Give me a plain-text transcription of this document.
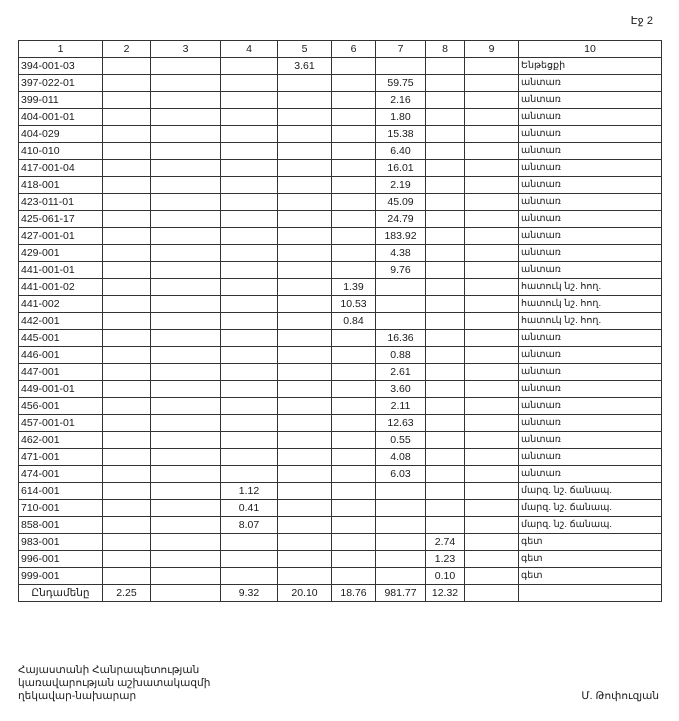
Էջ 2
1	2	3	4	5	6	7	8	9	10
394-001-03				3.61					Ենթեցքի
397-022-01						59.75			անտառ
399-011						2.16			անտառ
404-001-01						1.80			անտառ
404-029						15.38			անտառ
410-010						6.40			անտառ
417-001-04						16.01			անտառ
418-001						2.19			անտառ
423-011-01						45.09			անտառ
425-061-17						24.79			անտառ
427-001-01						183.92			անտառ
429-001						4.38			անտառ
441-001-01						9.76			անտառ
441-001-02					1.39				հատուկ նշ. հող.
441-002					10.53				հատուկ նշ. հող.
442-001					0.84				հատուկ նշ. հող.
445-001						16.36			անտառ
446-001						0.88			անտառ
447-001						2.61			անտառ
449-001-01						3.60			անտառ
456-001						2.11			անտառ
457-001-01						12.63			անտառ
462-001						0.55			անտառ
471-001						4.08			անտառ
474-001						6.03			անտառ
614-001			1.12						մարզ. նշ. ճանապ.
710-001			0.41						մարզ. նշ. ճանապ.
858-001			8.07						մարզ. նշ. ճանապ.
983-001							2.74		գետ
996-001							1.23		գետ
999-001							0.10		գետ
Ընդամենը	2.25		9.32	20.10	18.76	981.77	12.32		
Հայաստանի Հանրապետության
կառավարության աշխատակազմի
ղեկավար-նախարար	Մ. Թոփուզյան
